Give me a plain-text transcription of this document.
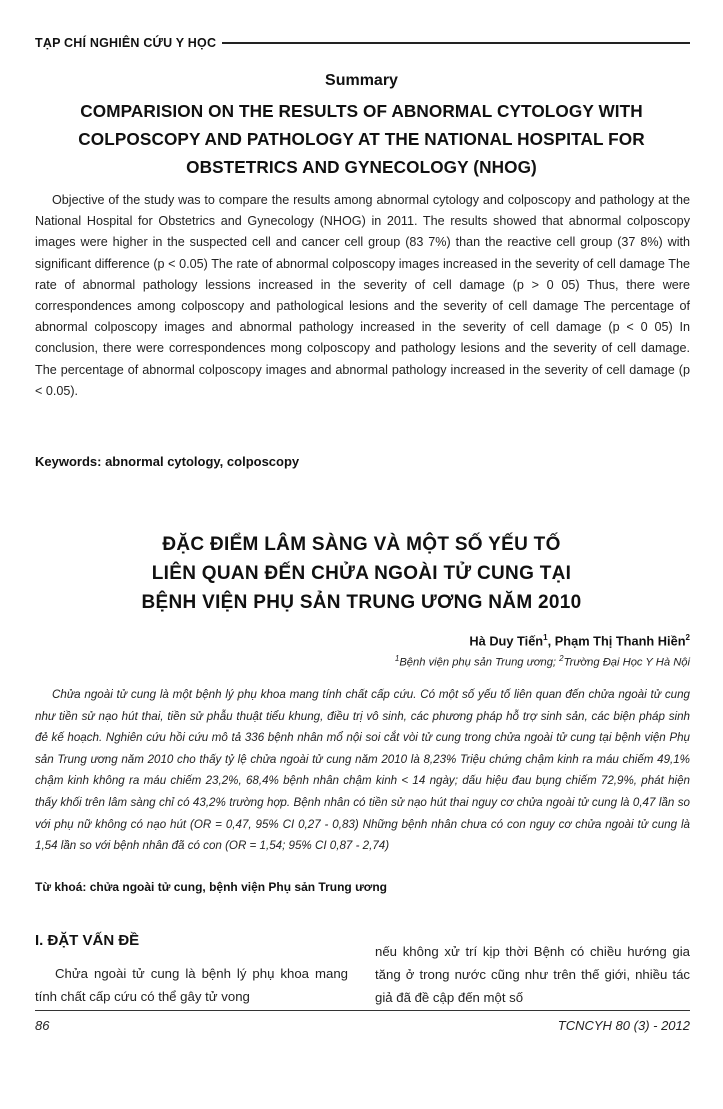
TẠP CHÍ NGHIÊN CỨU Y HỌC
Summary
COMPARISION ON THE RESULTS OF ABNORMAL CYTOLOGY WITH COLPOSCOPY AND PATHOLOGY AT THE NATIONAL HOSPITAL FOR OBSTETRICS AND GYNECOLOGY (NHOG)
Objective of the study was to compare the results among abnormal cytology and colposcopy and pathology at the National Hospital for Obstetrics and Gynecology (NHOG) in 2011. The results showed that abnormal colposcopy images were higher in the suspected cell and cancer cell group (83 7%) than the reactive cell group (37 8%) with significant difference (p < 0.05) The rate of abnormal colposcopy images increased in the severity of cell damage The rate of abnormal pathology lessions increased in the severity of cell damage (p > 0 05) Thus, there were correspondences among colposcopy and pathological lesions and the severity of cell damage The percentage of abnormal colposcopy images and abnormal pathology increased in the severity of cell damage (p < 0 05) In conclusion, there were correspondences mong colposcopy and pathology lesions and the severity of cell damage. The percentage of abnormal colposcopy images and abnormal pathology increased in the severity of cell damage (p < 0.05).
Keywords: abnormal cytology, colposcopy
ĐẶC ĐIỂM LÂM SÀNG VÀ MỘT SỐ YẾU TỐ
LIÊN QUAN ĐẾN CHỬA NGOÀI TỬ CUNG TẠI
BỆNH VIỆN PHỤ SẢN TRUNG ƯƠNG NĂM 2010
Hà Duy Tiến$^1$, Phạm Thị Thanh Hiền$^2$
$^1$Bệnh viện phụ sản Trung ương; $^2$Trường Đại Học Y Hà Nội
Chửa ngoài tử cung là một bệnh lý phụ khoa mang tính chất cấp cứu. Có một số yếu tố liên quan đến chửa ngoài tử cung như tiền sử nạo hút thai, tiền sử phẫu thuật tiểu khung, điều trị vô sinh, các phương pháp hỗ trợ sinh sản, các biện pháp sinh đẻ kế hoạch. Nghiên cứu hồi cứu mô tả 336 bệnh nhân mổ nội soi cắt vòi tử cung trong chửa ngoài tử cung tại bệnh viện Phụ sản Trung ương năm 2010 cho thấy tỷ lệ chửa ngoài tử cung năm 2010 là 8,23% Triệu chứng chậm kinh ra máu chiếm 49,1% chậm kinh không ra máu chiếm 23,2%, 68,4% bệnh nhân chậm kinh < 14 ngày; dấu hiệu đau bụng chiếm 72,9%, phát hiện thấy khối trên lâm sàng chỉ có 43,2% trường hợp. Bệnh nhân có tiền sử nạo hút thai nguy cơ chửa ngoài tử cung là 0,47 lần so với phụ nữ không có nạo hút (OR = 0,47, 95% CI 0,27 - 0,83) Những bệnh nhân chưa có con nguy cơ chửa ngoài tử cung là 1,54 lần so với bệnh nhân đã có con (OR = 1,54; 95% CI 0,87 - 2,74)
Từ khoá: chửa ngoài tử cung, bệnh viện Phụ sản Trung ương
I. ĐẶT VẤN ĐỀ
Chửa ngoài tử cung là bệnh lý phụ khoa mang tính chất cấp cứu có thể gây tử vong
nếu không xử trí kịp thời Bệnh có chiều hướng gia tăng ở trong nước cũng như trên thế giới, nhiều tác giả đã đề cập đến một số
86	TCNCYH 80 (3) - 2012
